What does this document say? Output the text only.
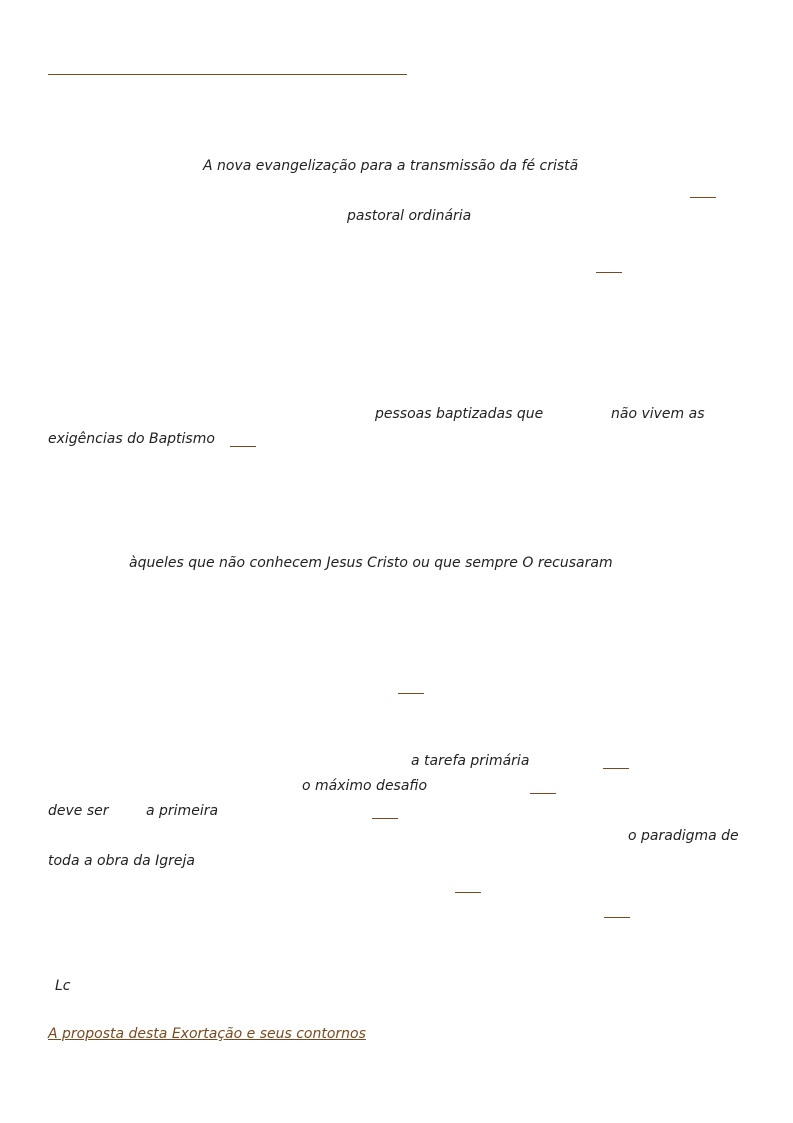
A nova evangelização para a transmissão da fé cristã
pastoral ordinária
pessoas baptizadas que	não vivem as
exigências do Baptismo
àqueles que não conhecem Jesus Cristo ou que sempre O recusaram
a tarefa primária
o máximo desafio
deve ser	a primeira
o paradigma de
toda a obra da Igreja
Lc
A proposta desta Exortação e seus contornos
